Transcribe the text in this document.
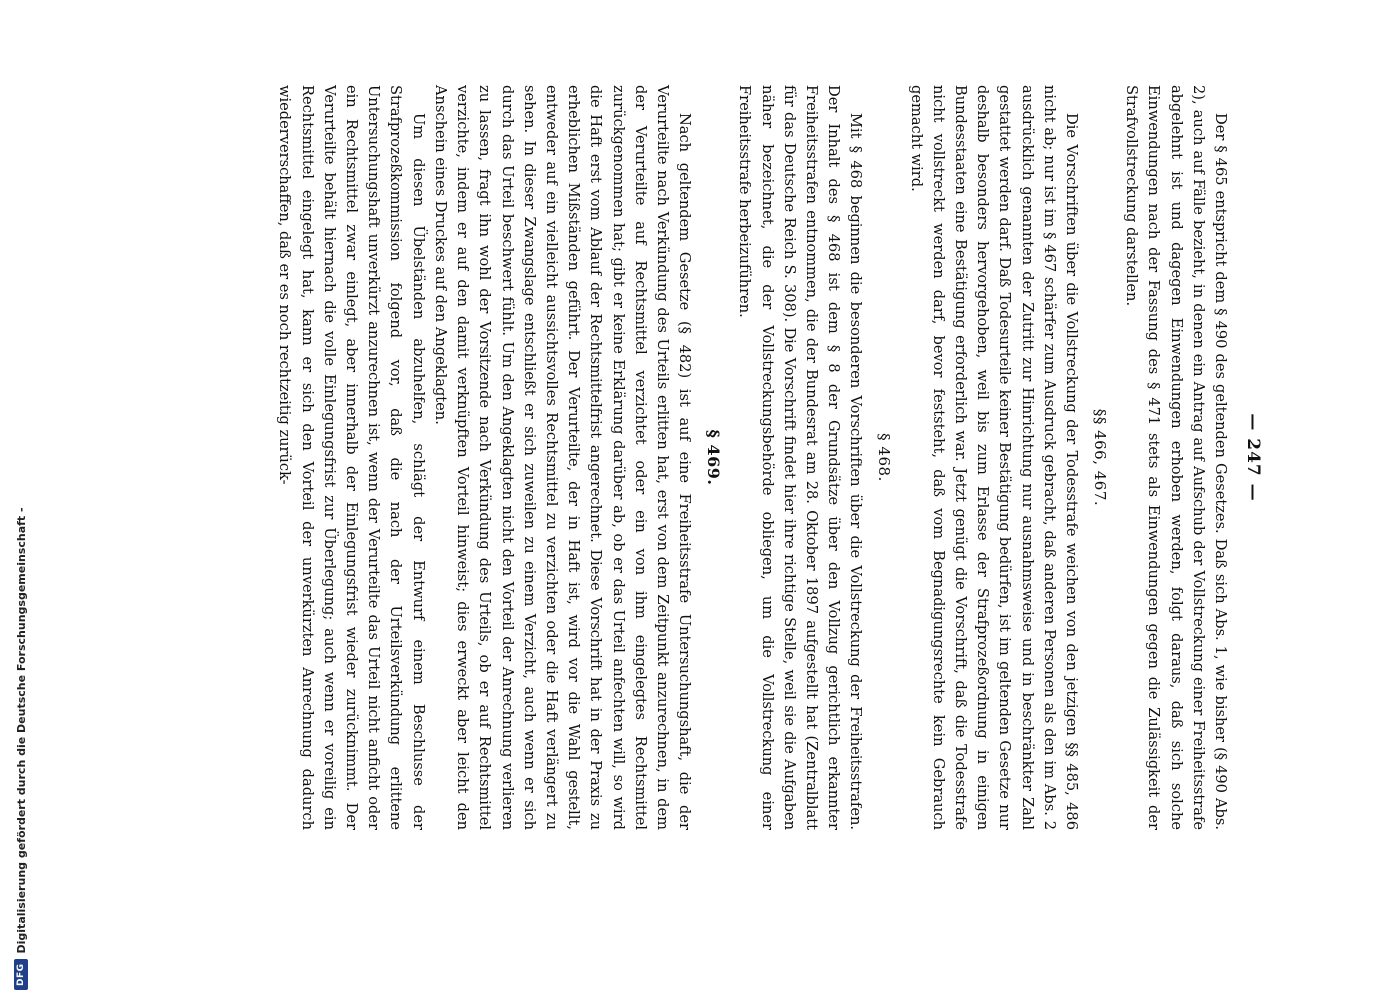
DFG
Digitalisierung gefördert durch die Deutsche Forschungsgemeinschaft -
— 247 —

Der § 465 entspricht dem § 490 des geltenden Gesetzes. Daß sich Abs. 1, wie bisher (§ 490 Abs. 2), auch auf Fälle bezieht, in denen ein Antrag auf Aufschub der Vollstreckung einer Freiheitsstrafe abgelehnt ist und dagegen Einwendungen erhoben werden, folgt daraus, daß sich solche Einwendungen nach der Fassung des § 471 stets als Einwendungen gegen die Zulässigkeit der Strafvollstreckung darstellen.

§§ 466, 467.

Die Vorschriften über die Vollstreckung der Todesstrafe weichen von den jetzigen §§ 485, 486 nicht ab; nur ist im § 467 schärfer zum Ausdruck gebracht, daß anderen Personen als den im Abs. 2 ausdrücklich genannten der Zutritt zur Hinrichtung nur ausnahmsweise und in beschränkter Zahl gestattet werden darf. Daß Todesurteile keiner Bestätigung bedürfen, ist im geltenden Gesetze nur deshalb besonders hervorgehoben, weil bis zum Erlasse der Strafprozeßordnung in einigen Bundesstaaten eine Bestätigung erforderlich war. Jetzt genügt die Vorschrift, daß die Todesstrafe nicht vollstreckt werden darf, bevor feststeht, daß vom Begnadigungsrechte kein Gebrauch gemacht wird.

§ 468.

Mit § 468 beginnen die besonderen Vorschriften über die Vollstreckung der Freiheitsstrafen. Der Inhalt des § 468 ist dem § 8 der Grundsätze über den Vollzug gerichtlich erkannter Freiheitsstrafen entnommen, die der Bundesrat am 28. Oktober 1897 aufgestellt hat (Zentralblatt für das Deutsche Reich S. 308). Die Vorschrift findet hier ihre richtige Stelle, weil sie die Aufgaben näher bezeichnet, die der Vollstreckungsbehörde obliegen, um die Vollstreckung einer Freiheitsstrafe herbeizuführen.

§ 469.

Nach geltendem Gesetze (§ 482) ist auf eine Freiheitsstrafe Untersuchungshaft, die der Verurteilte nach Verkündung des Urteils erlitten hat, erst von dem Zeitpunkt anzurechnen, in dem der Verurteilte auf Rechtsmittel verzichtet oder ein von ihm eingelegtes Rechtsmittel zurückgenommen hat; gibt er keine Erklärung darüber ab, ob er das Urteil anfechten will, so wird die Haft erst vom Ablauf der Rechtsmittelfrist angerechnet. Diese Vorschrift hat in der Praxis zu erheblichen Mißständen geführt. Der Verurteilte, der in Haft ist, wird vor die Wahl gestellt, entweder auf ein vielleicht aussichtsvolles Rechtsmittel zu verzichten oder die Haft verlängert zu sehen. In dieser Zwangslage entschließt er sich zuweilen zu einem Verzicht, auch wenn er sich durch das Urteil beschwert fühlt. Um den Angeklagten nicht den Vorteil der Anrechnung verlieren zu lassen, fragt ihn wohl der Vorsitzende nach Verkündung des Urteils, ob er auf Rechtsmittel verzichte, indem er auf den damit verknüpften Vorteil hinweist; dies erweckt aber leicht den Anschein eines Druckes auf den Angeklagten.

Um diesen Übelständen abzuhelfen, schlägt der Entwurf einem Beschlusse der Strafprozeßkommission folgend vor, daß die nach der Urteilsverkündung erlittene Untersuchungshaft unverkürzt anzurechnen ist, wenn der Verurteilte das Urteil nicht anficht oder ein Rechtsmittel zwar einlegt, aber innerhalb der Einlegungsfrist wieder zurücknimmt. Der Verurteilte behält hiernach die volle Einlegungsfrist zur Überlegung; auch wenn er voreilig ein Rechtsmittel eingelegt hat, kann er sich den Vorteil der unverkürzten Anrechnung dadurch wiederverschaffen, daß er es noch rechtzeitig zurück-
